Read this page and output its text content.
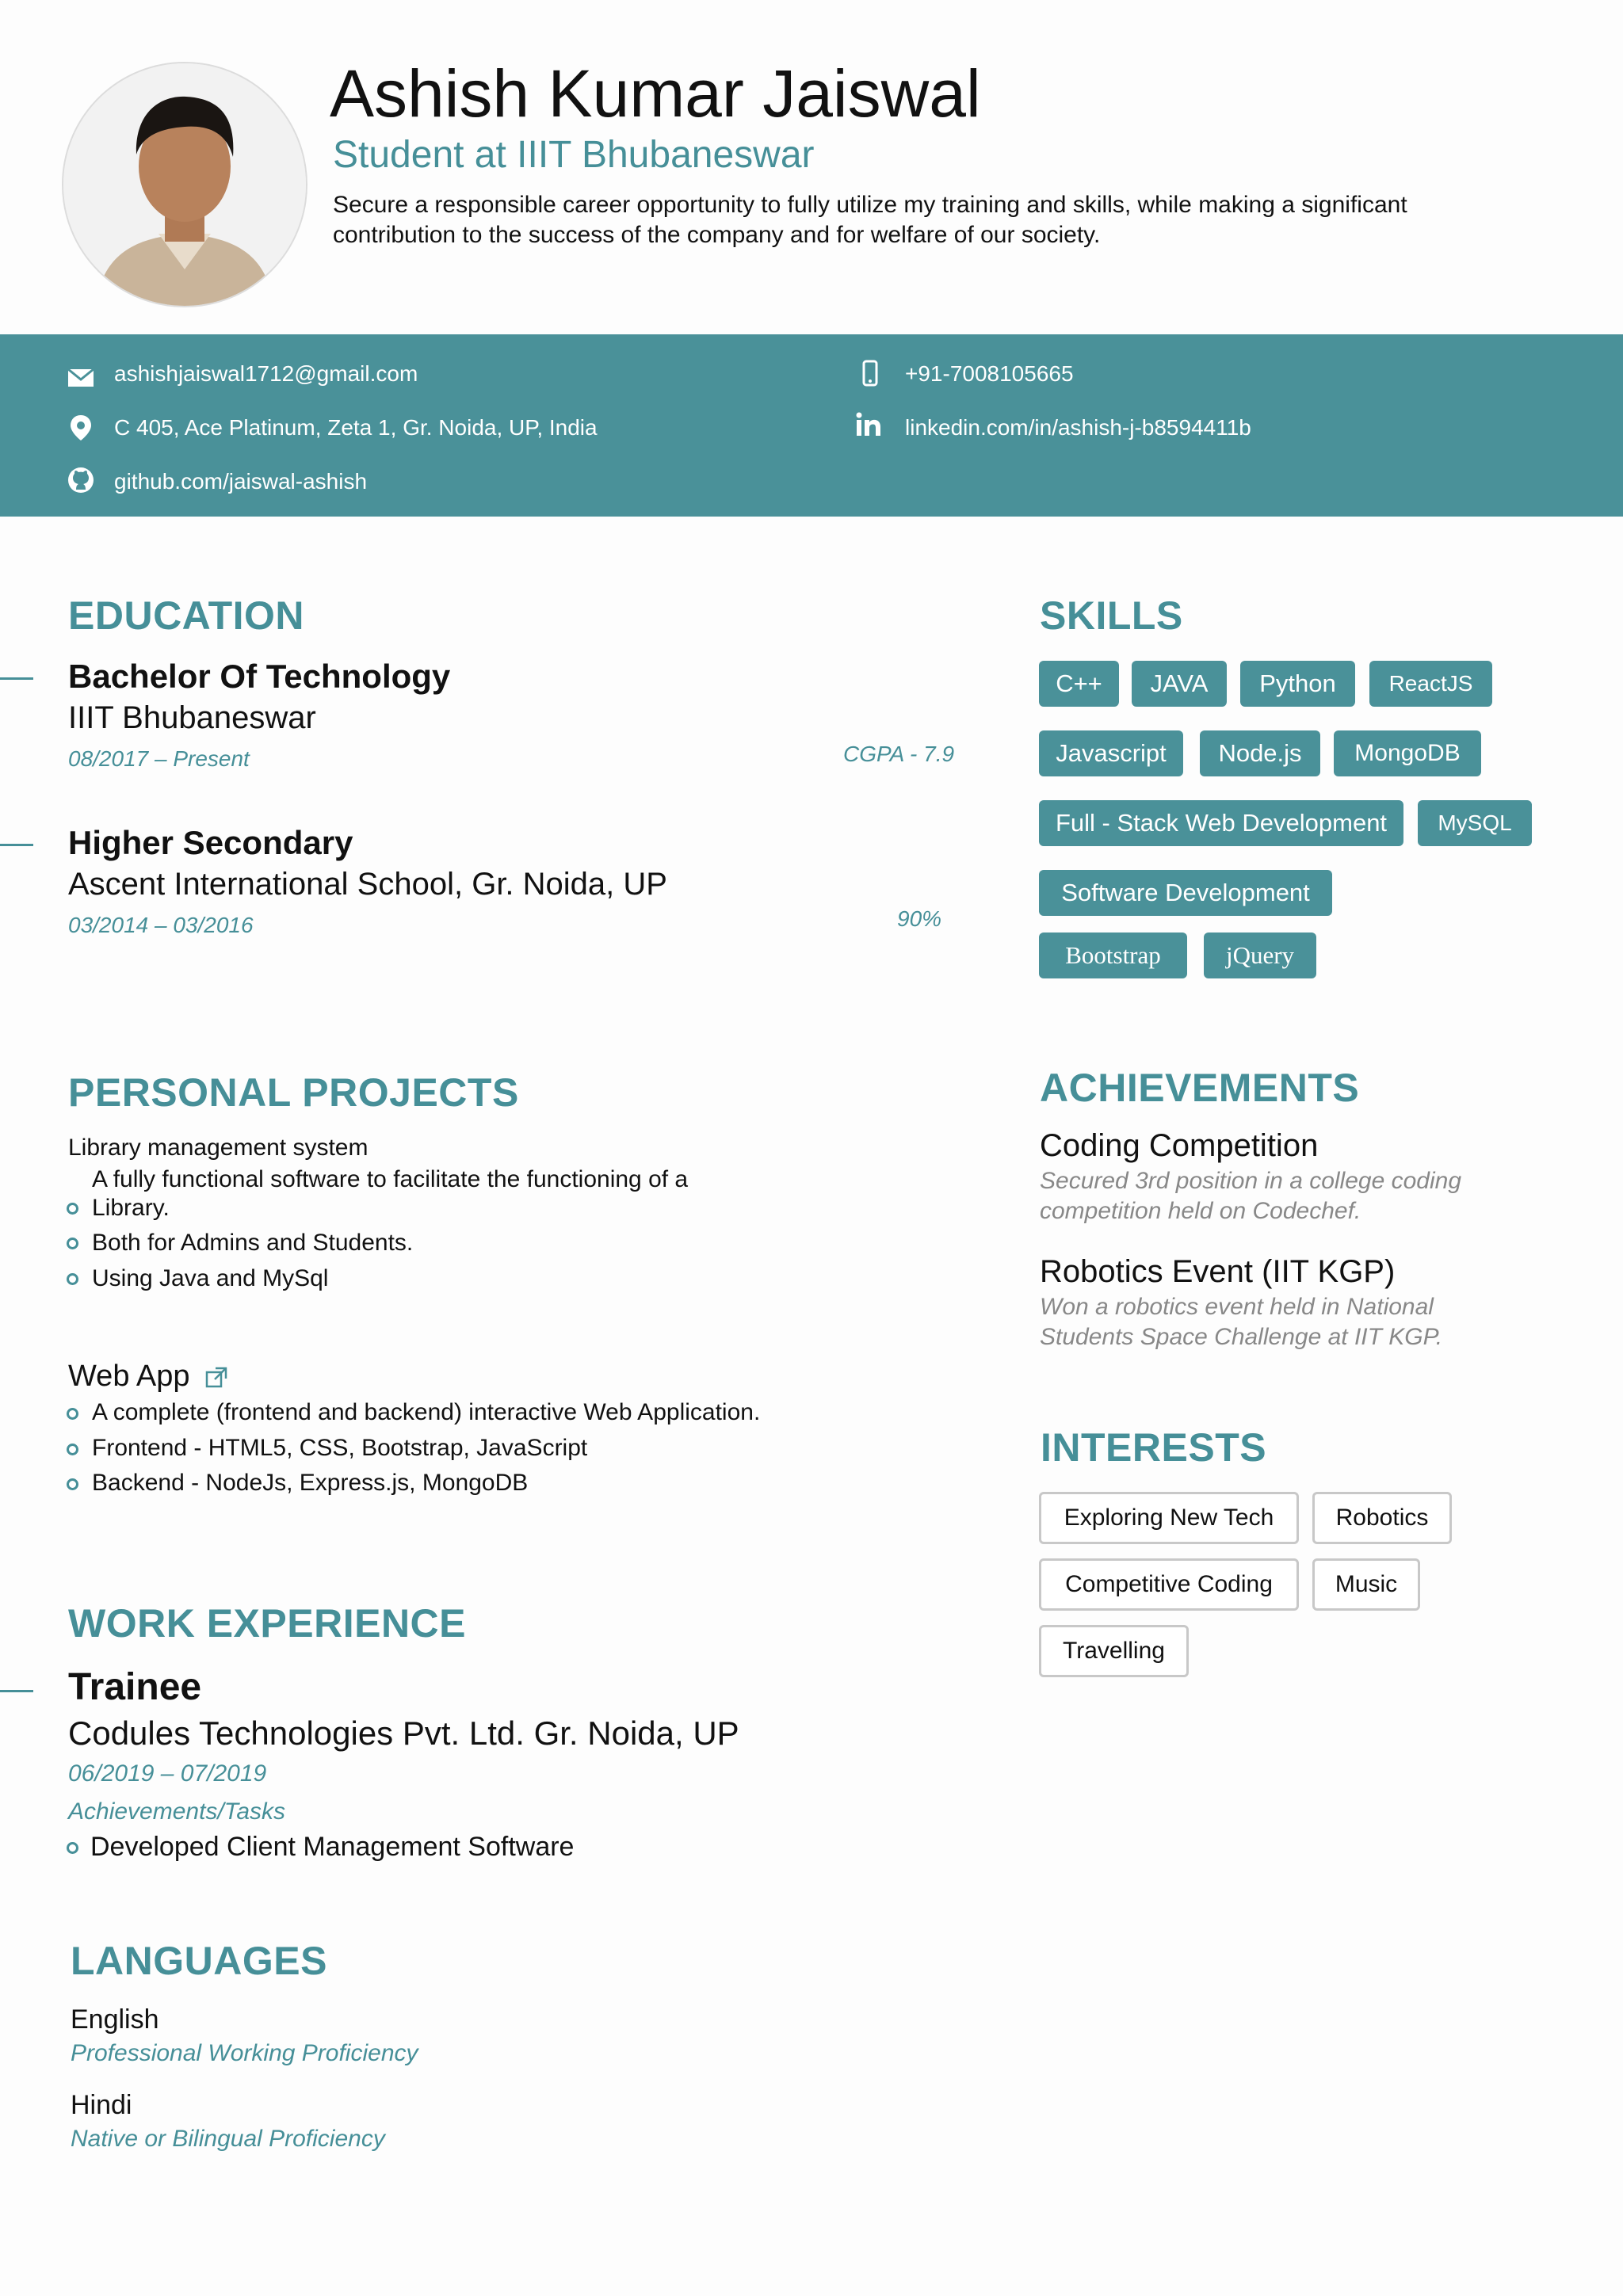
Ashish Kumar Jaiswal
Student at IIIT Bhubaneswar
Secure a responsible career opportunity to fully utilize my training and skills, while making a significant contribution to the success of the company and for welfare of our society.
ashishjaiswal1712@gmail.com	+91-7008105665
C 405, Ace Platinum, Zeta 1, Gr. Noida, UP, India	linkedin.com/in/ashish-j-b8594411b
github.com/jaiswal-ashish
EDUCATION
Bachelor Of Technology
IIIT Bhubaneswar
08/2017 – Present	CGPA - 7.9
Higher Secondary
Ascent International School, Gr. Noida, UP
03/2014 – 03/2016	90%
PERSONAL PROJECTS
Library management system
A fully functional software to facilitate the functioning of a
Library.
Both for Admins and Students.
Using Java and MySql
Web App
A complete (frontend and backend) interactive Web Application.
Frontend - HTML5, CSS, Bootstrap, JavaScript
Backend - NodeJs, Express.js, MongoDB
WORK EXPERIENCE
Trainee
Codules Technologies Pvt. Ltd. Gr. Noida, UP
06/2019 – 07/2019
Achievements/Tasks
Developed Client Management Software
LANGUAGES
English
Professional Working Proficiency
Hindi
Native or Bilingual Proficiency
SKILLS
C++	JAVA	Python	ReactJS
Javascript	Node.js	MongoDB
Full - Stack Web Development	MySQL
Software Development
Bootstrap	jQuery
ACHIEVEMENTS
Coding Competition
Secured 3rd position in a college coding competition held on Codechef.
Robotics Event (IIT KGP)
Won a robotics event held in National Students Space Challenge at IIT KGP.
INTERESTS
Exploring New Tech	Robotics
Competitive Coding	Music
Travelling
